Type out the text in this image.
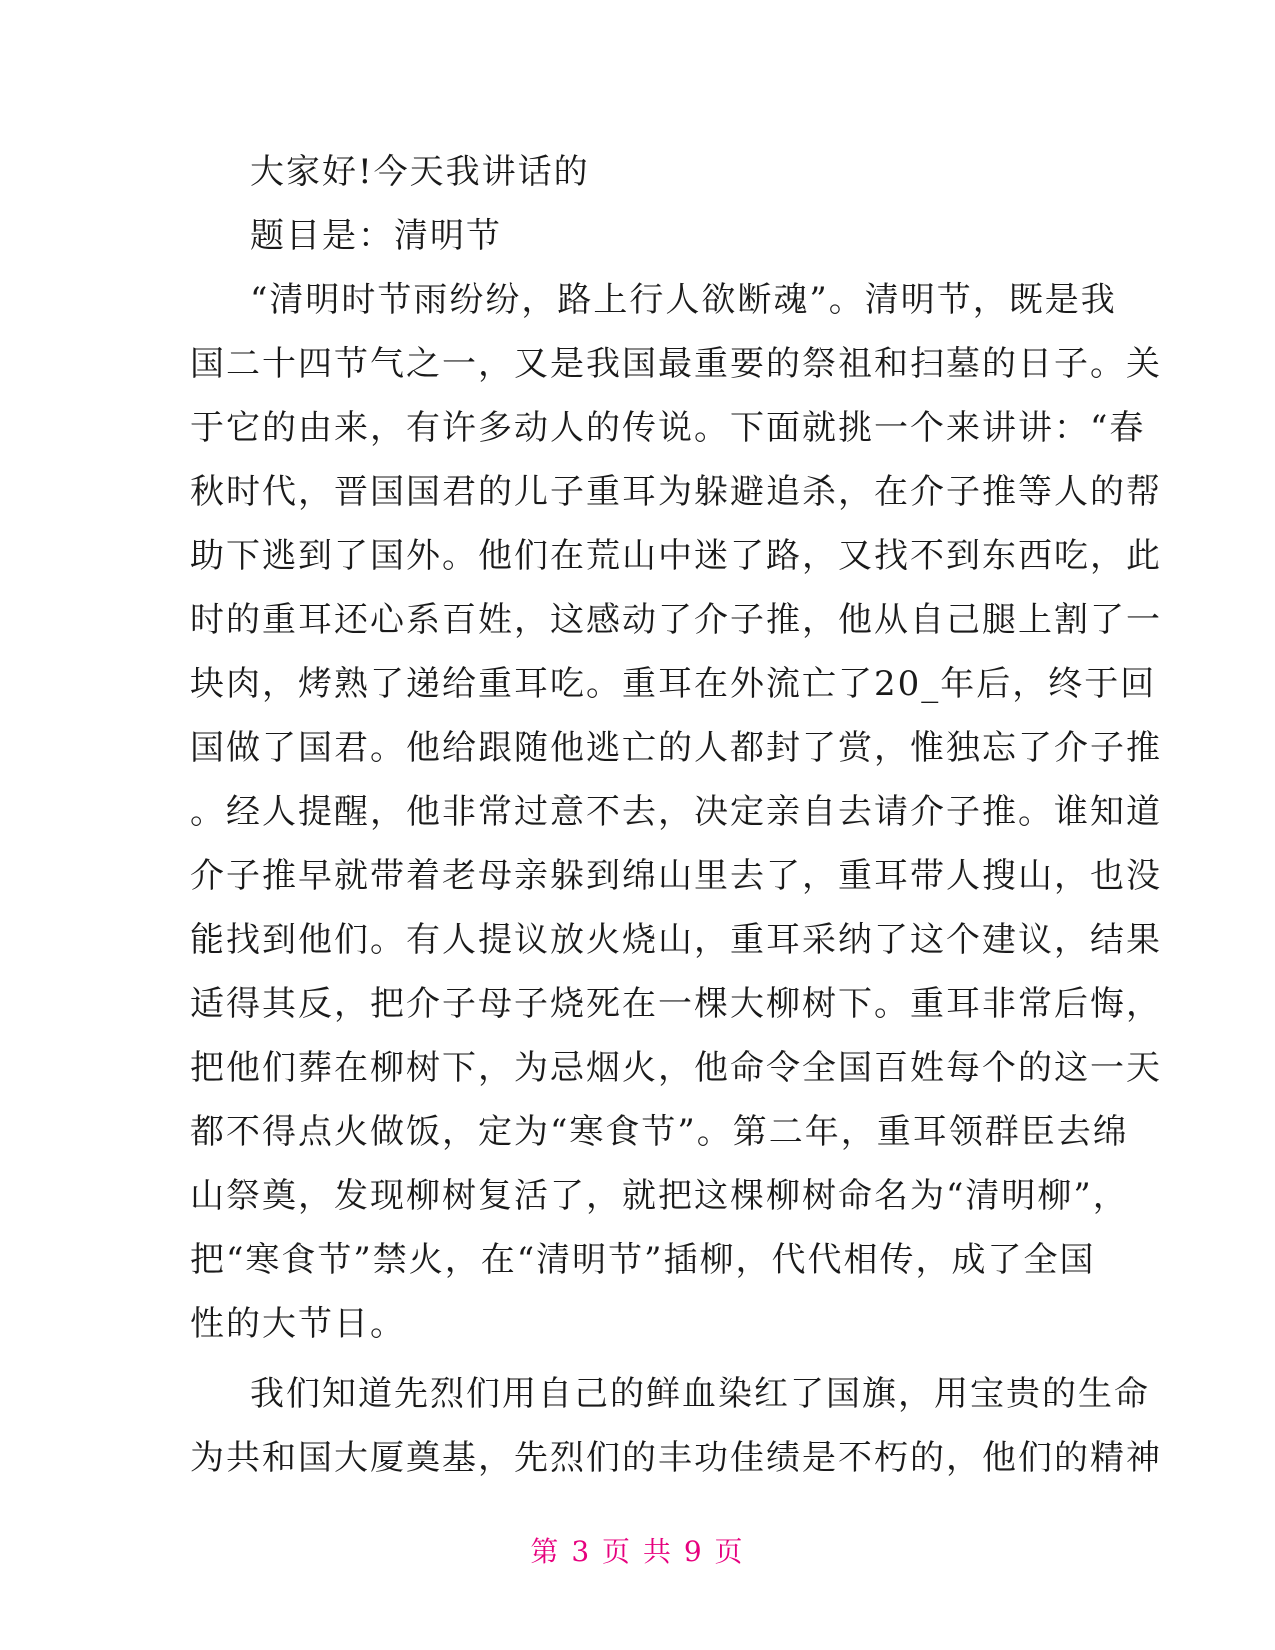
大家好!今天我讲话的
题目是：清明节
“清明时节雨纷纷，路上行人欲断魂”。清明节，既是我
国二十四节气之一，又是我国最重要的祭祖和扫墓的日子。关
于它的由来，有许多动人的传说。下面就挑一个来讲讲：“春
秋时代，晋国国君的儿子重耳为躲避追杀，在介子推等人的帮
助下逃到了国外。他们在荒山中迷了路，又找不到东西吃，此
时的重耳还心系百姓，这感动了介子推，他从自己腿上割了一
块肉，烤熟了递给重耳吃。重耳在外流亡了20_年后，终于回
国做了国君。他给跟随他逃亡的人都封了赏，惟独忘了介子推
。经人提醒，他非常过意不去，决定亲自去请介子推。谁知道
介子推早就带着老母亲躲到绵山里去了，重耳带人搜山，也没
能找到他们。有人提议放火烧山，重耳采纳了这个建议，结果
适得其反，把介子母子烧死在一棵大柳树下。重耳非常后悔，
把他们葬在柳树下，为忌烟火，他命令全国百姓每个的这一天
都不得点火做饭，定为“寒食节”。第二年，重耳领群臣去绵
山祭奠，发现柳树复活了，就把这棵柳树命名为“清明柳”，
把“寒食节”禁火，在“清明节”插柳，代代相传，成了全国
性的大节日。
我们知道先烈们用自己的鲜血染红了国旗，用宝贵的生命
为共和国大厦奠基，先烈们的丰功佳绩是不朽的，他们的精神
第 3 页 共 9 页
